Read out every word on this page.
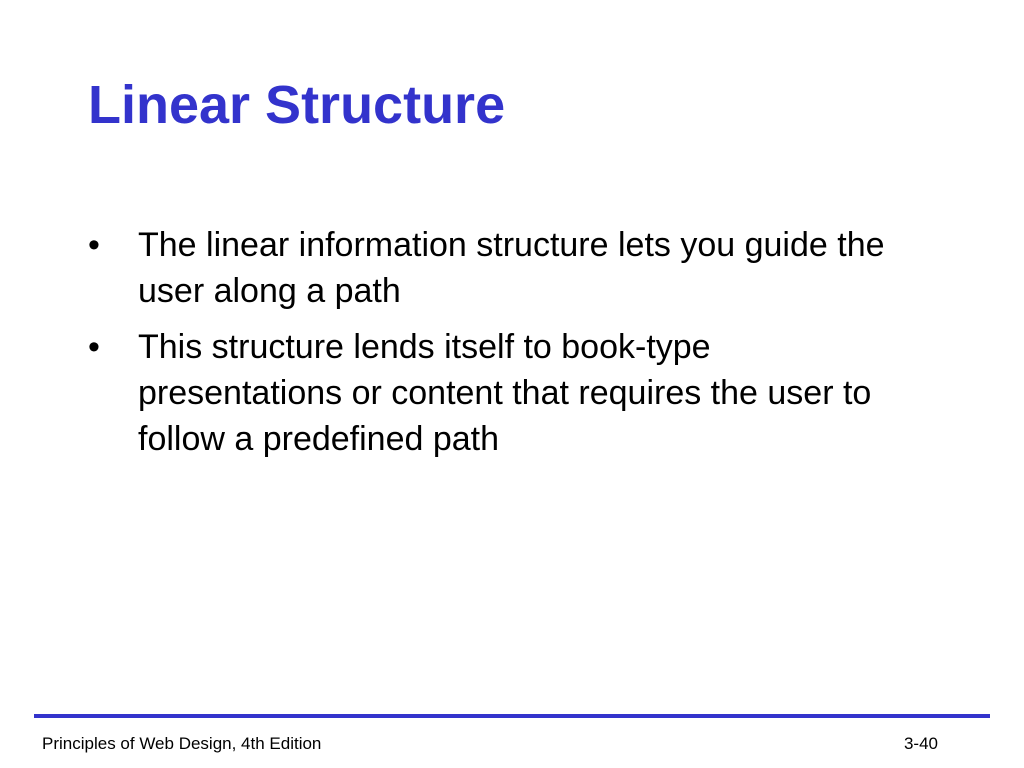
Linear Structure
•	The linear information structure lets you guide the user along a path
•	This structure lends itself to book-type presentations or content that requires the user to follow a predefined path
Principles of Web Design, 4th Edition	3-40
